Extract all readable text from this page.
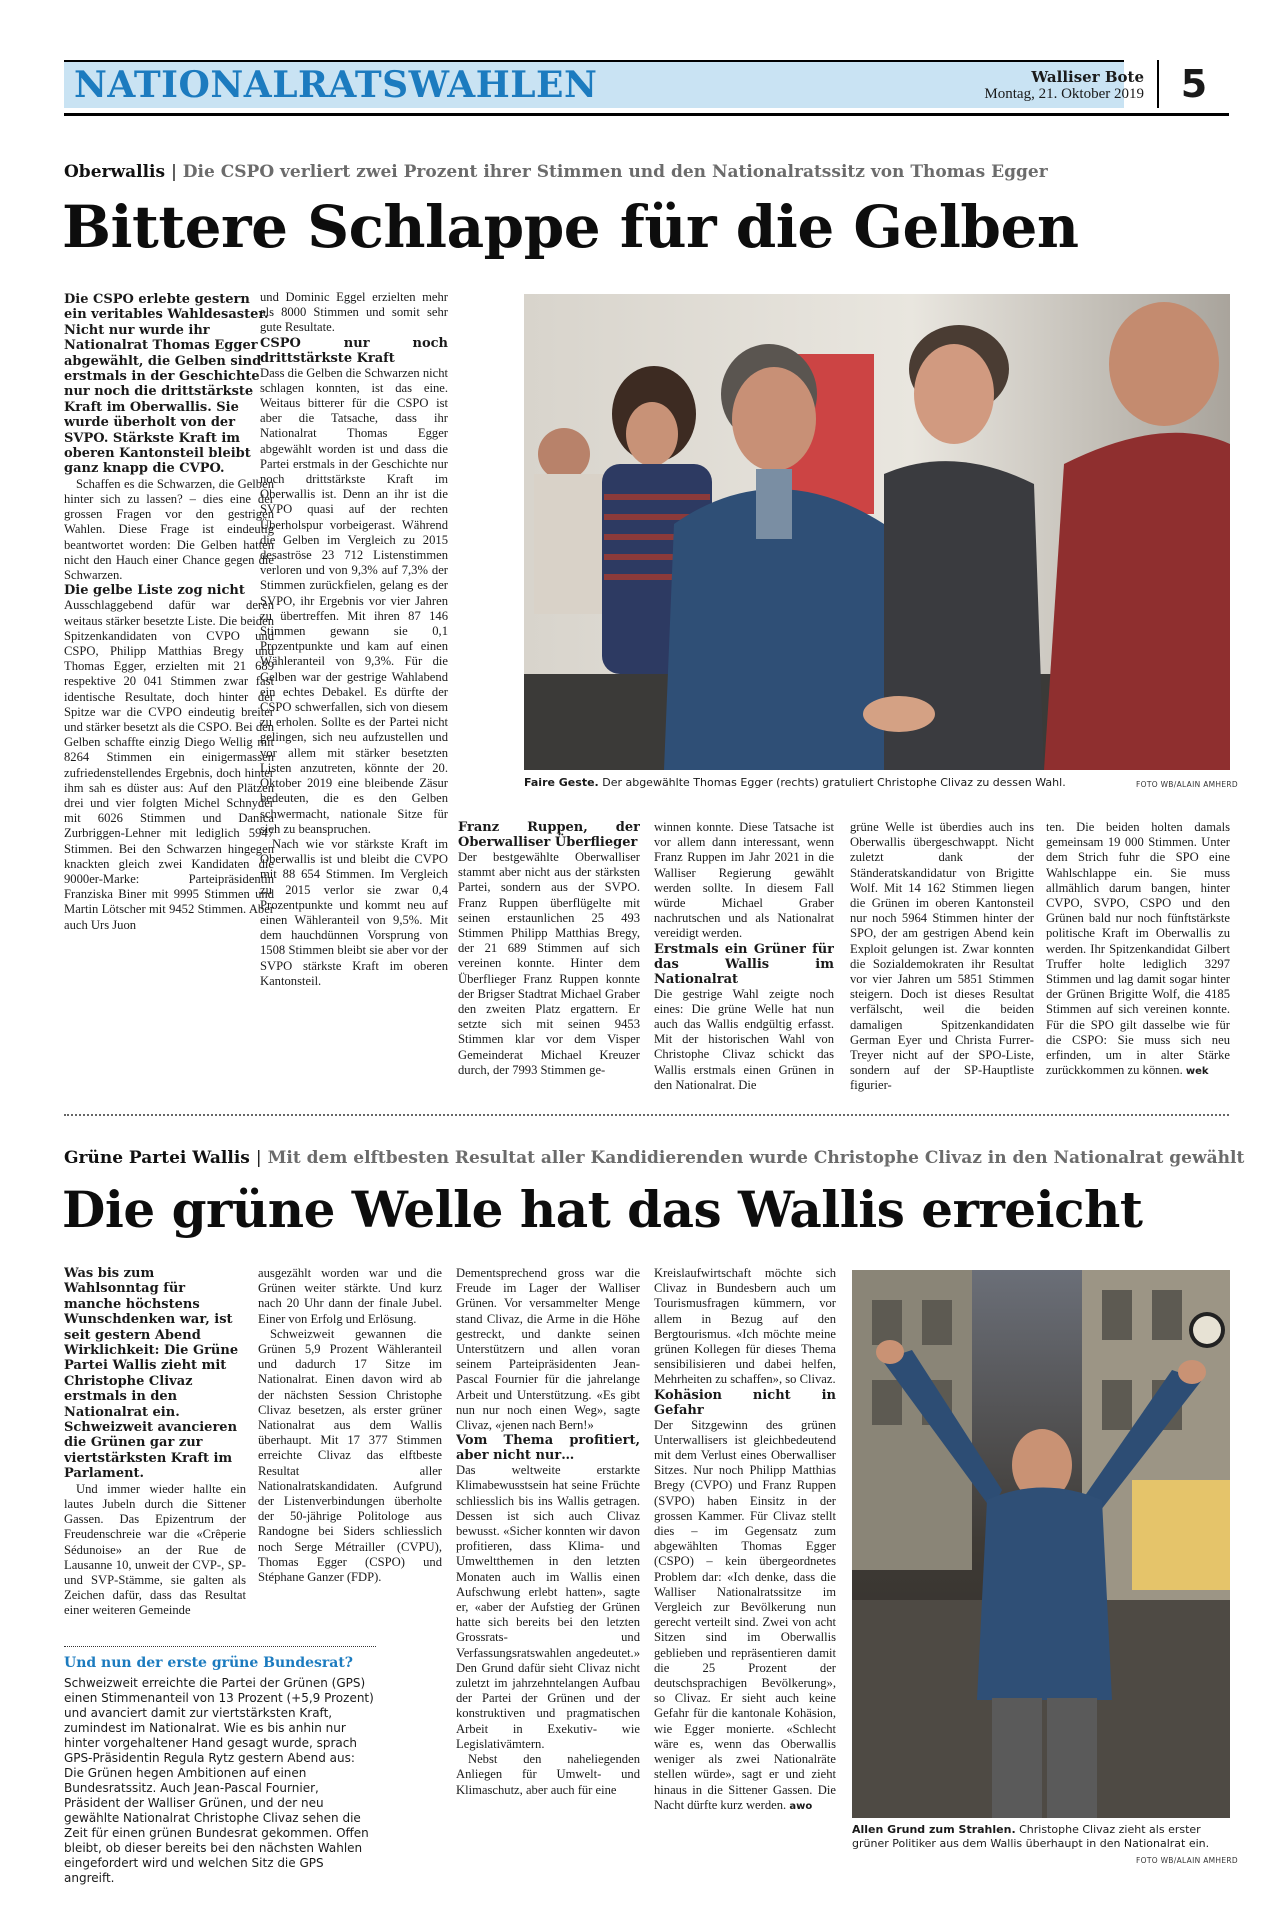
NATIONALRATSWAHLEN	Walliser Bote
Montag, 21. Oktober 2019 5
Oberwallis | Die CSPO verliert zwei Prozent ihrer Stimmen und den Nationalratssitz von Thomas Egger
Bittere Schlappe für die Gelben

Die CSPO erlebte gestern ein veritables Wahldesaster. Nicht nur wurde ihr Nationalrat Thomas Egger abgewählt, die Gelben sind erstmals in der Geschichte nur noch die drittstärkste Kraft im Oberwallis. Sie wurde überholt von der SVPO. Stärkste Kraft im oberen Kantonsteil bleibt ganz knapp die CVPO.

Schaffen es die Schwarzen, die Gelben hinter sich zu lassen? – dies eine der grossen Fragen vor den gestrigen Wahlen. Diese Frage ist eindeutig beantwortet worden: Die Gelben hatten nicht den Hauch einer Chance gegen die Schwarzen.

Die gelbe Liste zog nicht

Ausschlaggebend dafür war deren weitaus stärker besetzte Liste. Die beiden Spitzenkandidaten von CVPO und CSPO, Philipp Matthias Bregy und Thomas Egger, erzielten mit 21 689 respektive 20 041 Stimmen zwar fast identische Resultate, doch hinter der Spitze war die CVPO eindeutig breiter und stärker besetzt als die CSPO. Bei den Gelben schaffte einzig Diego Wellig mit 8264 Stimmen ein einigermassen zufriedenstellendes Ergebnis, doch hinter ihm sah es düster aus: Auf den Plätzen drei und vier folgten Michel Schnyder mit 6026 Stimmen und Danica Zurbriggen-Lehner mit lediglich 5947 Stimmen. Bei den Schwarzen hingegen knackten gleich zwei Kandidaten die 9000er-Marke: Parteipräsidentin Franziska Biner mit 9995 Stimmen und Martin Lötscher mit 9452 Stimmen. Aber auch Urs Juon

und Dominic Eggel erzielten mehr als 8000 Stimmen und somit sehr gute Resultate.

CSPO nur noch drittstärkste Kraft

Dass die Gelben die Schwarzen nicht schlagen konnten, ist das eine. Weitaus bitterer für die CSPO ist aber die Tatsache, dass ihr Nationalrat Thomas Egger abgewählt worden ist und dass die Partei erstmals in der Geschichte nur noch drittstärkste Kraft im Oberwallis ist. Denn an ihr ist die SVPO quasi auf der rechten Überholspur vorbeigerast. Während die Gelben im Vergleich zu 2015 desaströse 23 712 Listenstimmen verloren und von 9,3% auf 7,3% der Stimmen zurückfielen, gelang es der SVPO, ihr Ergebnis vor vier Jahren zu übertreffen. Mit ihren 87 146 Stimmen gewann sie 0,1 Prozentpunkte und kam auf einen Wähleranteil von 9,3%. Für die Gelben war der gestrige Wahlabend ein echtes Debakel. Es dürfte der CSPO schwerfallen, sich von diesem zu erholen. Sollte es der Partei nicht gelingen, sich neu aufzustellen und vor allem mit stärker besetzten Listen anzutreten, könnte der 20. Oktober 2019 eine bleibende Zäsur bedeuten, die es den Gelben schwermacht, nationale Sitze für sich zu beanspruchen.

Nach wie vor stärkste Kraft im Oberwallis ist und bleibt die CVPO mit 88 654 Stimmen. Im Vergleich zu 2015 verlor sie zwar 0,4 Prozentpunkte und kommt neu auf einen Wähleranteil von 9,5%. Mit dem hauchdünnen Vorsprung von 1508 Stimmen bleibt sie aber vor der SVPO stärkste Kraft im oberen Kantonsteil.

Faire Geste. Der abgewählte Thomas Egger (rechts) gratuliert Christophe Clivaz zu dessen Wahl.	FOTO WB/ALAIN AMHERD

Franz Ruppen, der Oberwalliser Überflieger

Der bestgewählte Oberwalliser stammt aber nicht aus der stärksten Partei, sondern aus der SVPO. Franz Ruppen überflügelte mit seinen erstaunlichen 25 493 Stimmen Philipp Matthias Bregy, der 21 689 Stimmen auf sich vereinen konnte. Hinter dem Überflieger Franz Ruppen konnte der Brigser Stadtrat Michael Graber den zweiten Platz ergattern. Er setzte sich mit seinen 9453 Stimmen klar vor dem Visper Gemeinderat Michael Kreuzer durch, der 7993 Stimmen ge-

winnen konnte. Diese Tatsache ist vor allem dann interessant, wenn Franz Ruppen im Jahr 2021 in die Walliser Regierung gewählt werden sollte. In diesem Fall würde Michael Graber nachrutschen und als Nationalrat vereidigt werden.

Erstmals ein Grüner für das Wallis im Nationalrat

Die gestrige Wahl zeigte noch eines: Die grüne Welle hat nun auch das Wallis endgültig erfasst. Mit der historischen Wahl von Christophe Clivaz schickt das Wallis erstmals einen Grünen in den Nationalrat. Die

grüne Welle ist überdies auch ins Oberwallis übergeschwappt. Nicht zuletzt dank der Ständeratskandidatur von Brigitte Wolf. Mit 14 162 Stimmen liegen die Grünen im oberen Kantonsteil nur noch 5964 Stimmen hinter der SPO, der am gestrigen Abend kein Exploit gelungen ist. Zwar konnten die Sozialdemokraten ihr Resultat vor vier Jahren um 5851 Stimmen steigern. Doch ist dieses Resultat verfälscht, weil die beiden damaligen Spitzenkandidaten German Eyer und Christa Furrer-Treyer nicht auf der SPO-Liste, sondern auf der SP-Hauptliste figurier-

ten. Die beiden holten damals gemeinsam 19 000 Stimmen. Unter dem Strich fuhr die SPO eine Wahlschlappe ein. Sie muss allmählich darum bangen, hinter CVPO, SVPO, CSPO und den Grünen bald nur noch fünftstärkste politische Kraft im Oberwallis zu werden. Ihr Spitzenkandidat Gilbert Truffer holte lediglich 3297 Stimmen und lag damit sogar hinter der Grünen Brigitte Wolf, die 4185 Stimmen auf sich vereinen konnte. Für die SPO gilt dasselbe wie für die CSPO: Sie muss sich neu erfinden, um in alter Stärke zurückkommen zu können. wek

Grüne Partei Wallis | Mit dem elftbesten Resultat aller Kandidierenden wurde Christophe Clivaz in den Nationalrat gewählt
Die grüne Welle hat das Wallis erreicht

Was bis zum Wahlsonntag für manche höchstens Wunschdenken war, ist seit gestern Abend Wirklichkeit: Die Grüne Partei Wallis zieht mit Christophe Clivaz erstmals in den Nationalrat ein. Schweizweit avancieren die Grünen gar zur viertstärksten Kraft im Parlament.

Und immer wieder hallte ein lautes Jubeln durch die Sittener Gassen. Das Epizentrum der Freudenschreie war die «Crêperie Sédunoise» an der Rue de Lausanne 10, unweit der CVP-, SP- und SVP-Stämme, sie galten als Zeichen dafür, dass das Resultat einer weiteren Gemeinde

ausgezählt worden war und die Grünen weiter stärkte. Und kurz nach 20 Uhr dann der finale Jubel. Einer von Erfolg und Erlösung.

Schweizweit gewannen die Grünen 5,9 Prozent Wähleranteil und dadurch 17 Sitze im Nationalrat. Einen davon wird ab der nächsten Session Christophe Clivaz besetzen, als erster grüner Nationalrat aus dem Wallis überhaupt. Mit 17 377 Stimmen erreichte Clivaz das elftbeste Resultat aller Nationalratskandidaten. Aufgrund der Listenverbindungen überholte der 50-jährige Politologe aus Randogne bei Siders schliesslich noch Serge Métrailler (CVPU), Thomas Egger (CSPO) und Stéphane Ganzer (FDP).

Dementsprechend gross war die Freude im Lager der Walliser Grünen. Vor versammelter Menge stand Clivaz, die Arme in die Höhe gestreckt, und dankte seinen Unterstützern und allen voran seinem Parteipräsidenten Jean-Pascal Fournier für die jahrelange Arbeit und Unterstützung. «Es gibt nun nur noch einen Weg», sagte Clivaz, «jenen nach Bern!»

Vom Thema profitiert, aber nicht nur…

Das weltweite erstarkte Klimabewusstsein hat seine Früchte schliesslich bis ins Wallis getragen. Dessen ist sich auch Clivaz bewusst. «Sicher konnten wir davon profitieren, dass Klima- und Umweltthemen in den letzten Monaten auch im Wallis einen Aufschwung erlebt hatten», sagte er, «aber der Aufstieg der Grünen hatte sich bereits bei den letzten Grossrats- und Verfassungsratswahlen angedeutet.» Den Grund dafür sieht Clivaz nicht zuletzt im jahrzehntelangen Aufbau der Partei der Grünen und der konstruktiven und pragmatischen Arbeit in Exekutiv- wie Legislativämtern.

Nebst den naheliegenden Anliegen für Umwelt- und Klimaschutz, aber auch für eine

Kreislaufwirtschaft möchte sich Clivaz in Bundesbern auch um Tourismusfragen kümmern, vor allem in Bezug auf den Bergtourismus. «Ich möchte meine grünen Kollegen für dieses Thema sensibilisieren und dabei helfen, Mehrheiten zu schaffen», so Clivaz.

Kohäsion nicht in Gefahr

Der Sitzgewinn des grünen Unterwallisers ist gleichbedeutend mit dem Verlust eines Oberwalliser Sitzes. Nur noch Philipp Matthias Bregy (CVPO) und Franz Ruppen (SVPO) haben Einsitz in der grossen Kammer. Für Clivaz stellt dies – im Gegensatz zum abgewählten Thomas Egger (CSPO) – kein übergeordnetes Problem dar: «Ich denke, dass die Walliser Nationalratssitze im Vergleich zur Bevölkerung nun gerecht verteilt sind. Zwei von acht Sitzen sind im Oberwallis geblieben und repräsentieren damit die 25 Prozent der deutschsprachigen Bevölkerung», so Clivaz. Er sieht auch keine Gefahr für die kantonale Kohäsion, wie Egger monierte. «Schlecht wäre es, wenn das Oberwallis weniger als zwei Nationalräte stellen würde», sagt er und zieht hinaus in die Sittener Gassen. Die Nacht dürfte kurz werden. awo

Allen Grund zum Strahlen. Christophe Clivaz zieht als erster grüner Politiker aus dem Wallis überhaupt in den Nationalrat ein.
FOTO WB/ALAIN AMHERD
Und nun der erste grüne Bundesrat?
Schweizweit erreichte die Partei der Grünen (GPS) einen Stimmenanteil von 13 Prozent (+5,9 Prozent) und avanciert damit zur viertstärksten Kraft, zumindest im Nationalrat. Wie es bis anhin nur hinter vorgehaltener Hand gesagt wurde, sprach GPS-Präsidentin Regula Rytz gestern Abend aus: Die Grünen hegen Ambitionen auf einen Bundesratssitz. Auch Jean-Pascal Fournier, Präsident der Walliser Grünen, und der neu gewählte Nationalrat Christophe Clivaz sehen die Zeit für einen grünen Bundesrat gekommen. Offen bleibt, ob dieser bereits bei den nächsten Wahlen eingefordert wird und welchen Sitz die GPS angreift.
